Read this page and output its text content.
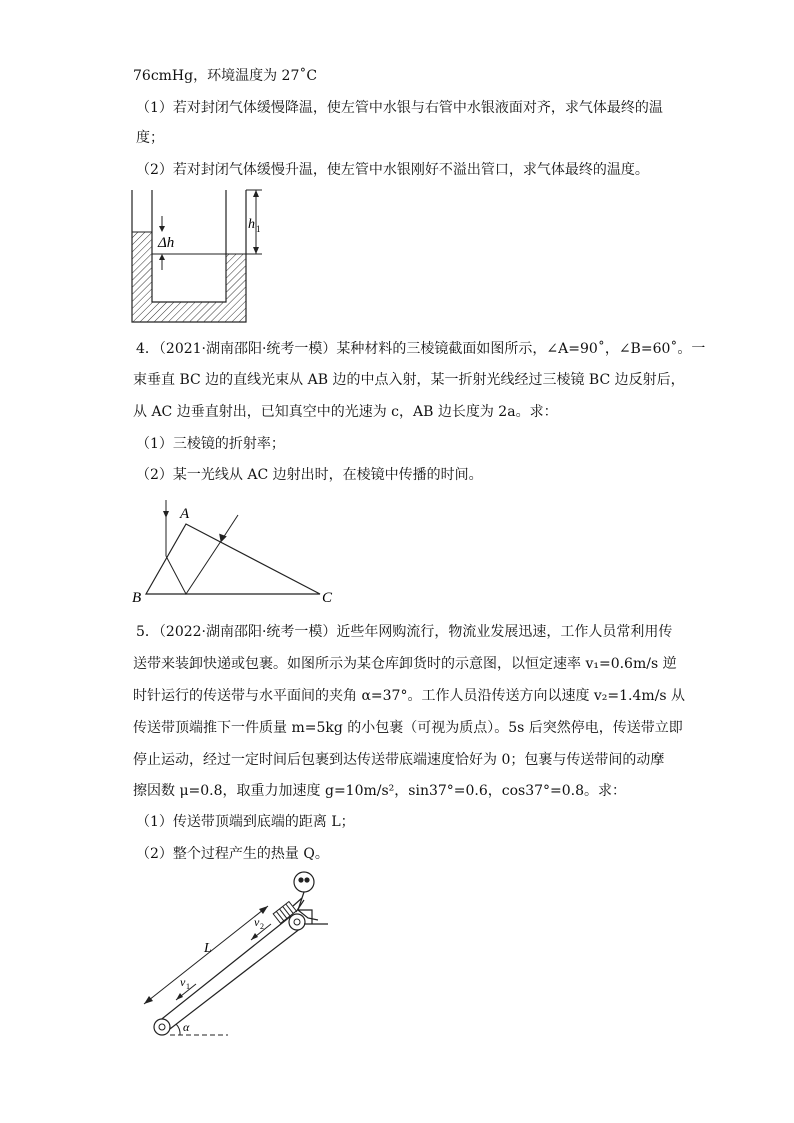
76cmHg，环境温度为 27˚C
（1）若对封闭气体缓慢降温，使左管中水银与右管中水银液面对齐，求气体最终的温
度；
（2）若对封闭气体缓慢升温，使左管中水银刚好不溢出管口，求气体最终的温度。
h 1
Δh
4．（2021·湖南邵阳·统考一模）某种材料的三棱镜截面如图所示，∠A=90˚，∠B=60˚。一
束垂直 BC 边的直线光束从 AB 边的中点入射，某一折射光线经过三棱镜 BC 边反射后，
从 AC 边垂直射出，已知真空中的光速为 c，AB 边长度为 2a。求：
（1）三棱镜的折射率；
（2）某一光线从 AC 边射出时，在棱镜中传播的时间。
A
B	C
5．（2022·湖南邵阳·统考一模）近些年网购流行，物流业发展迅速，工作人员常利用传
送带来装卸快递或包裹。如图所示为某仓库卸货时的示意图，以恒定速率 v₁=0.6m/s 逆
时针运行的传送带与水平面间的夹角 α=37°。工作人员沿传送方向以速度 v₂=1.4m/s 从
传送带顶端推下一件质量 m=5kg 的小包裹（可视为质点）。5s 后突然停电，传送带立即
停止运动，经过一定时间后包裹到达传送带底端速度恰好为 0；包裹与传送带间的动摩
擦因数 μ=0.8，取重力加速度 g=10m/s²，sin37°=0.6，cos37°=0.8。求：
（1）传送带顶端到底端的距离 L；
（2）整个过程产生的热量 Q。
L
v 1
v 2
α
